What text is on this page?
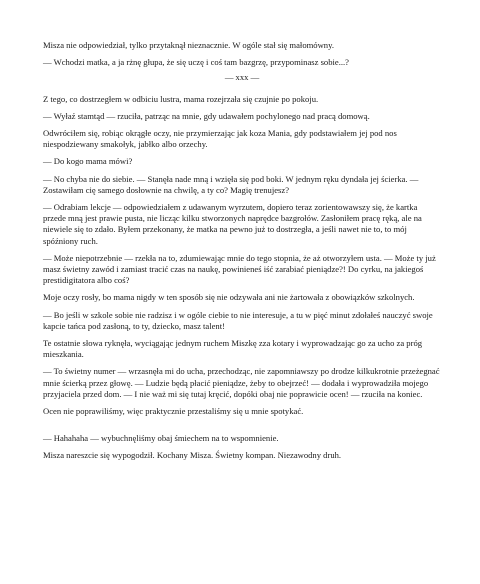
Misza nie odpowiedział, tylko przytaknął nieznacznie. W ogóle stał się małomówny.

— Wchodzi matka, a ja rżnę głupa, że się uczę i coś tam bazgrzę, przypominasz sobie...?

— xxx —

Z tego, co dostrzegłem w odbiciu lustra, mama rozejrzała się czujnie po pokoju.

— Wyłaź stamtąd — rzuciła, patrząc na mnie, gdy udawałem pochylonego nad pracą domową.

Odwróciłem się, robiąc okrągłe oczy, nie przymierzając jak koza Mania, gdy podstawiałem jej pod nos niespodziewany smakołyk, jabłko albo orzechy.

— Do kogo mama mówi?

— No chyba nie do siebie. — Stanęła nade mną i wzięła się pod boki. W jednym ręku dyndała jej ścierka. — Zostawiłam cię samego dosłownie na chwilę, a ty co? Magię trenujesz?

— Odrabiam lekcje — odpowiedziałem z udawanym wyrzutem, dopiero teraz zorientowawszy się, że kartka przede mną jest prawie pusta, nie licząc kilku stworzonych naprędce bazgrołów. Zasłoniłem pracę ręką, ale na niewiele się to zdało. Byłem przekonany, że matka na pewno już to dostrzegła, a jeśli nawet nie to, to mój spóźniony ruch.

— Może niepotrzebnie — rzekła na to, zdumiewając mnie do tego stopnia, że aż otworzyłem usta. — Może ty już masz świetny zawód i zamiast tracić czas na naukę, powinieneś iść zarabiać pieniądze?! Do cyrku, na jakiegoś prestidigitatora albo coś?

Moje oczy rosły, bo mama nigdy w ten sposób się nie odzywała ani nie żartowała z obowiązków szkolnych.

— Bo jeśli w szkole sobie nie radzisz i w ogóle ciebie to nie interesuje, a tu w pięć minut zdołałeś nauczyć swoje kapcie tańca pod zasłoną, to ty, dziecko, masz talent!

Te ostatnie słowa ryknęła, wyciągając jednym ruchem Miszkę zza kotary i wyprowadzając go za ucho za próg mieszkania.

— To świetny numer — wrzasnęła mi do ucha, przechodząc, nie zapomniawszy po drodze kilkukrotnie przeżegnać mnie ścierką przez głowę. — Ludzie będą płacić pieniądze, żeby to obejrzeć! — dodała i wyprowadziła mojego przyjaciela przed dom. — I nie waż mi się tutaj kręcić, dopóki obaj nie poprawicie ocen! — rzuciła na koniec.

Ocen nie poprawiliśmy, więc praktycznie przestaliśmy się u mnie spotykać.

— Hahahaha — wybuchnęliśmy obaj śmiechem na to wspomnienie.

Misza nareszcie się wypogodził. Kochany Misza. Świetny kompan. Niezawodny druh.
